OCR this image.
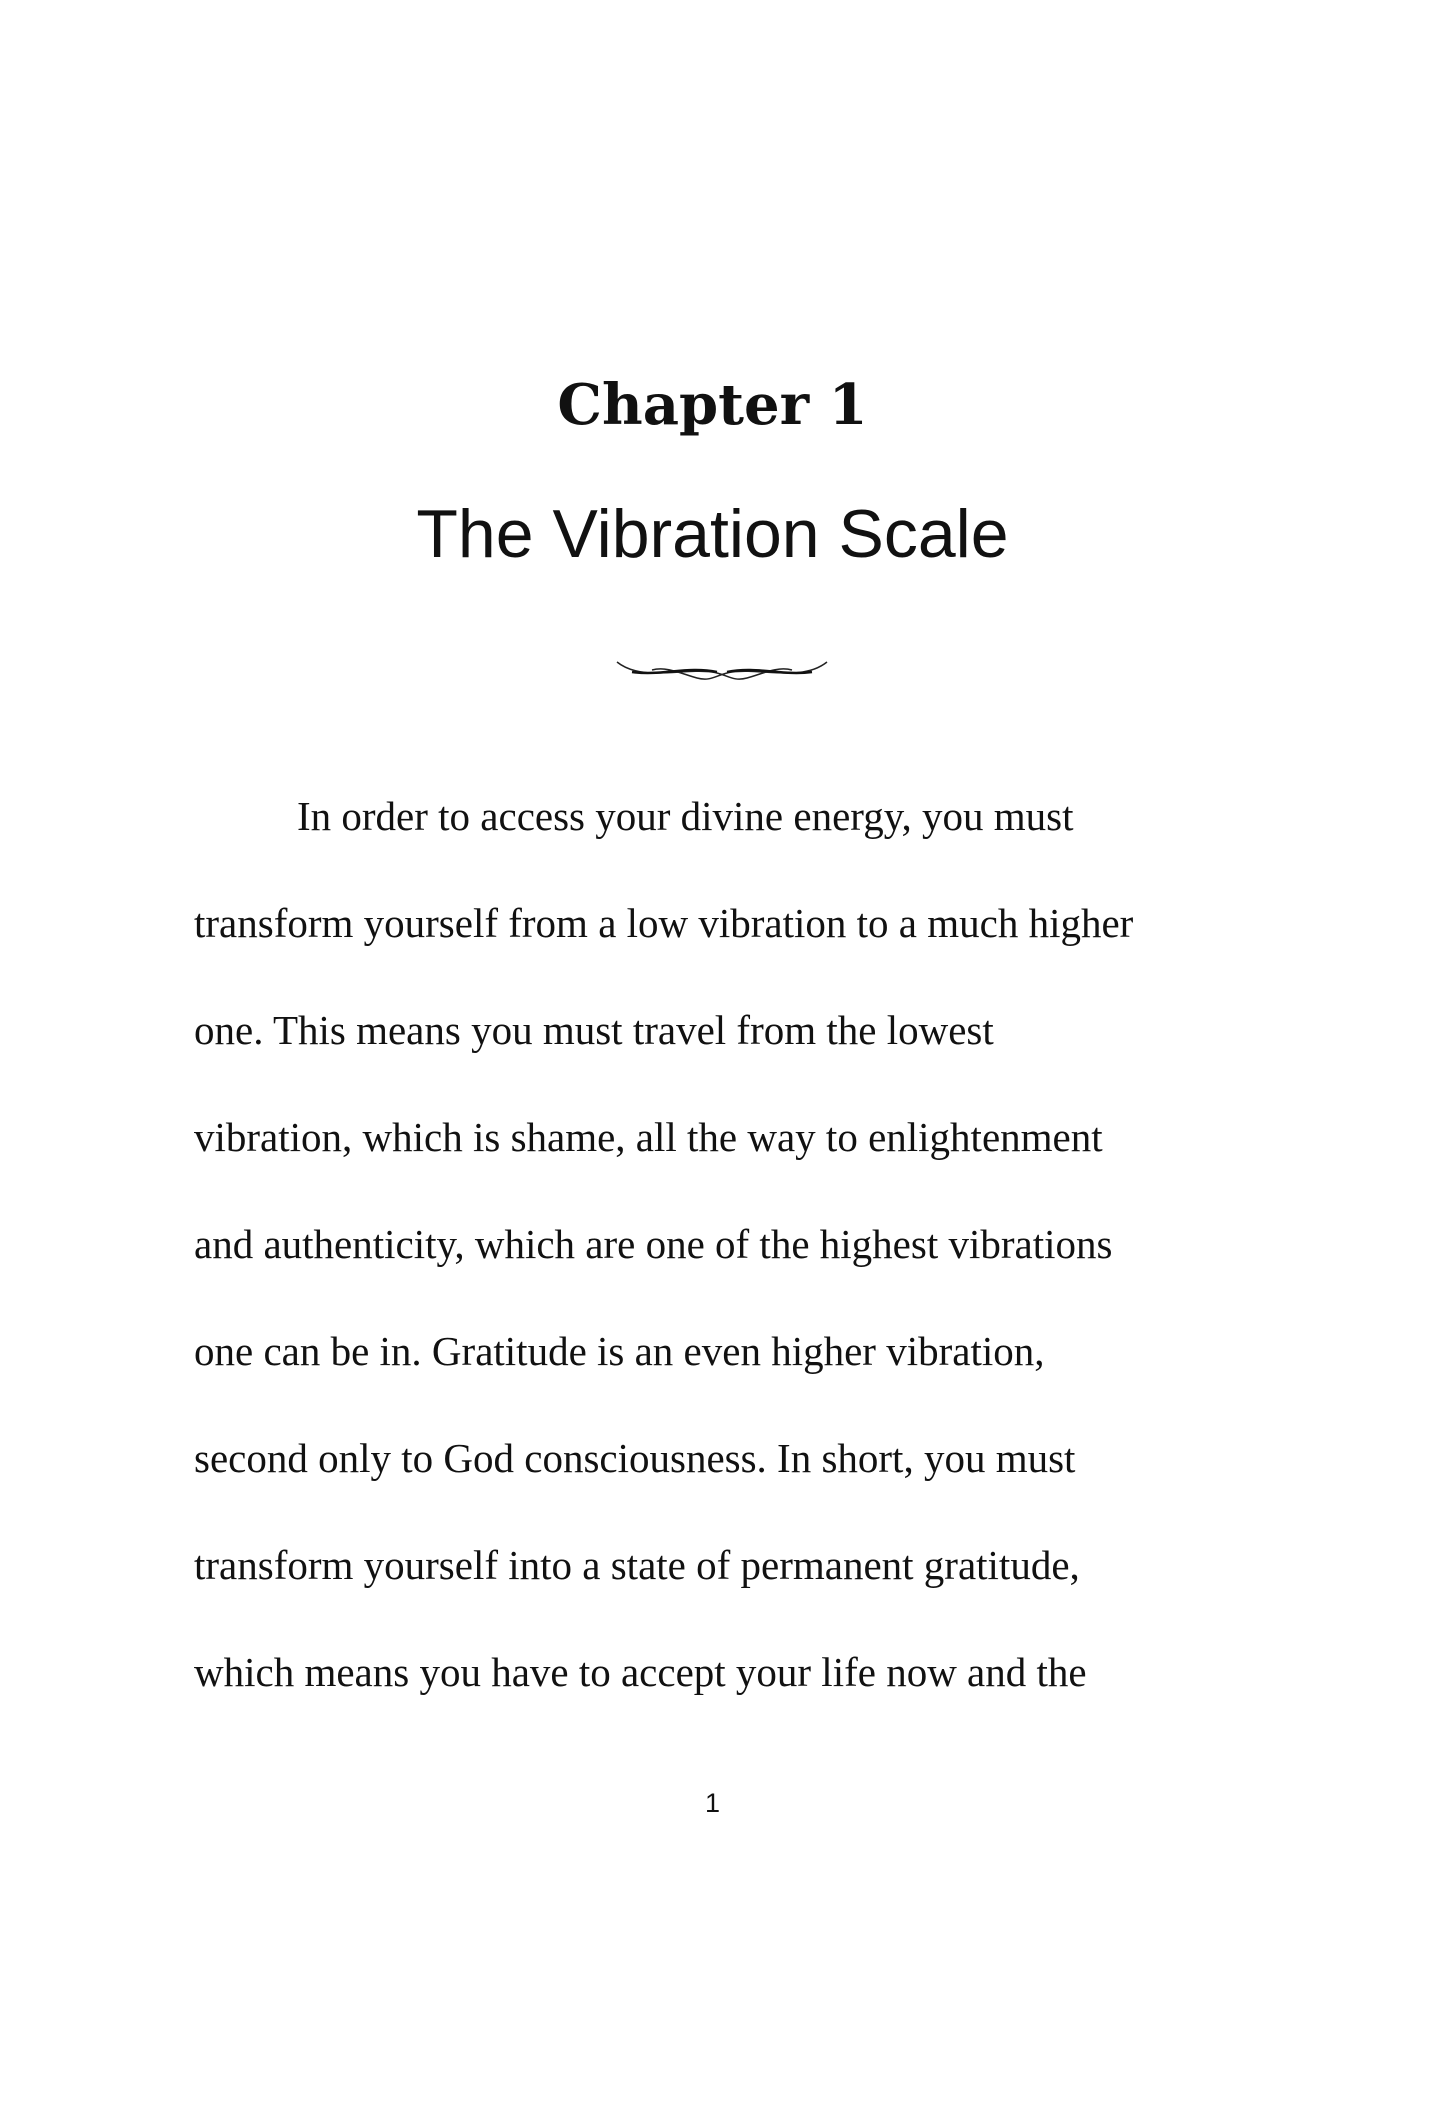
Chapter 1
The Vibration Scale
In order to access your divine energy, you must
transform yourself from a low vibration to a much higher
one. This means you must travel from the lowest
vibration, which is shame, all the way to enlightenment
and authenticity, which are one of the highest vibrations
one can be in. Gratitude is an even higher vibration,
second only to God consciousness. In short, you must
transform yourself into a state of permanent gratitude,
which means you have to accept your life now and the
1
